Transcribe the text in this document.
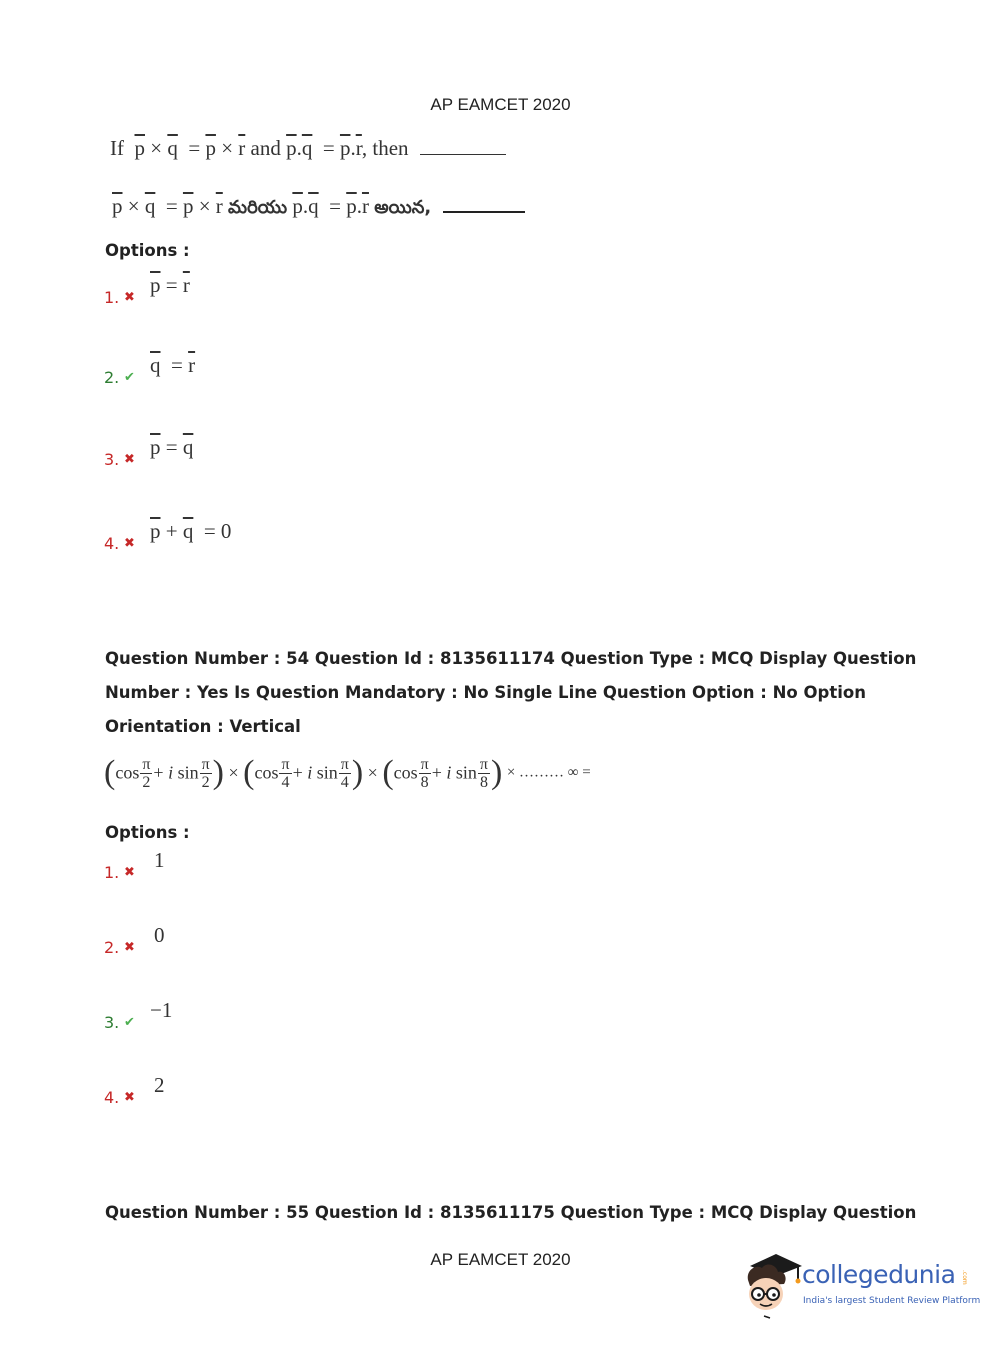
AP EAMCET 2020
If $\overline{p} \times \overline{q} = \overline{p} \times \overline{r}$ and $\overline{p}.\overline{q} = \overline{p}.\overline{r}$, then
$\overline{p} \times \overline{q} = \overline{p} \times \overline{r}$ మరియు $\overline{p}.\overline{q} = \overline{p}.\overline{r}$ అయిన,
Options :
1. ✖
$\overline{p} = \overline{r}$
2. ✔
$\overline{q} = \overline{r}$
3. ✖
$\overline{p} = \overline{q}$
4. ✖
$\overline{p} + \overline{q} = 0$
Question Number : 54 Question Id : 8135611174 Question Type : MCQ Display Question
Number : Yes Is Question Mandatory : No Single Line Question Option : No Option
Orientation : Vertical
($\cos \frac{\pi}{2} + i$ $\sin \frac{\pi}{2}$ ) × ($\cos \frac{\pi}{4} + i$ $\sin \frac{\pi}{4}$ ) × ($\cos \frac{\pi}{8} + i$ $\sin \frac{\pi}{8}$ ) × ……… ∞ =
Options :
1. ✖
1
2. ✖
0
3. ✔
−1
4. ✖
2
Question Number : 55 Question Id : 8135611175 Question Type : MCQ Display Question
AP EAMCET 2020
collegedunia .com
India's largest Student Review Platform
